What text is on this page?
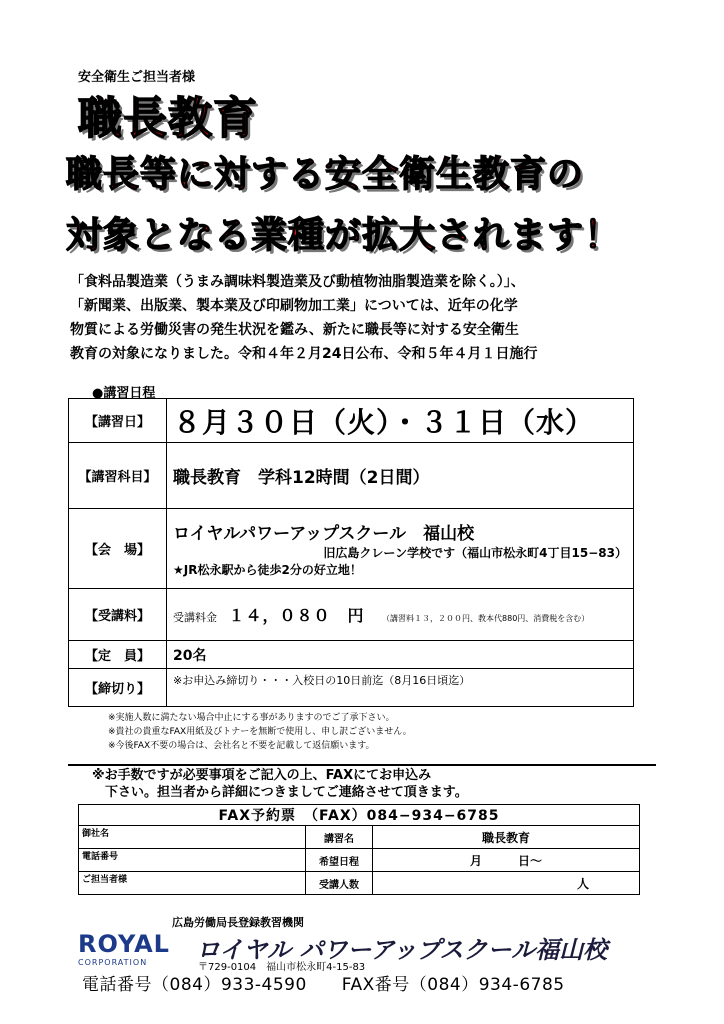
安全衛生ご担当者様
職長教育
職長等に対する安全衛生教育の
対象となる業種が拡大されます！
「食料品製造業（うまみ調味料製造業及び動植物油脂製造業を除く。）」、
「新聞業、出版業、製本業及び印刷物加工業」については、近年の化学
物質による労働災害の発生状況を鑑み、新たに職長等に対する安全衛生
教育の対象になりました。令和４年２月24日公布、令和５年４月１日施行
●講習日程
【講習日】	８月３０日（火）・３１日（水）
【講習科目】	職長教育　学科12時間（2日間）
【会　場】	ロイヤルパワーアップスクール　福山校
旧広島クレーン学校です（福山市松永町4丁目15−83）
★JR松永駅から徒歩2分の好立地！

【受講料】	受講料金 １４，０８０　円 （講習料１３，２００円、教本代880円、消費税を含む）
【定　員】	20名
【締切り】	※お申込み締切り・・・入校日の10日前迄（8月16日頃迄）
※実施人数に満たない場合中止にする事がありますのでご了承下さい。
※貴社の貴重なFAX用紙及びトナーを無断で使用し、申し訳ございません。
※今後FAX不要の場合は、会社名と不要を記載して返信願います。
※お手数ですが必要事項をご記入の上、FAXにてお申込み
　下さい。担当者から詳細につきましてご連絡させて頂きます。
FAX予約票　（FAX）084−934−6785		
御社名	講習名	職長教育
電話番号	希望日程	月　　　日〜
ご担当者様	受講人数	人
ROYAL
CORPORATION
広島労働局長登録教習機関
ロイヤル パワーアップスクール福山校
〒729-0104　福山市松永町4-15-83
電話番号（084）933-4590　　FAX番号（084）934-6785
